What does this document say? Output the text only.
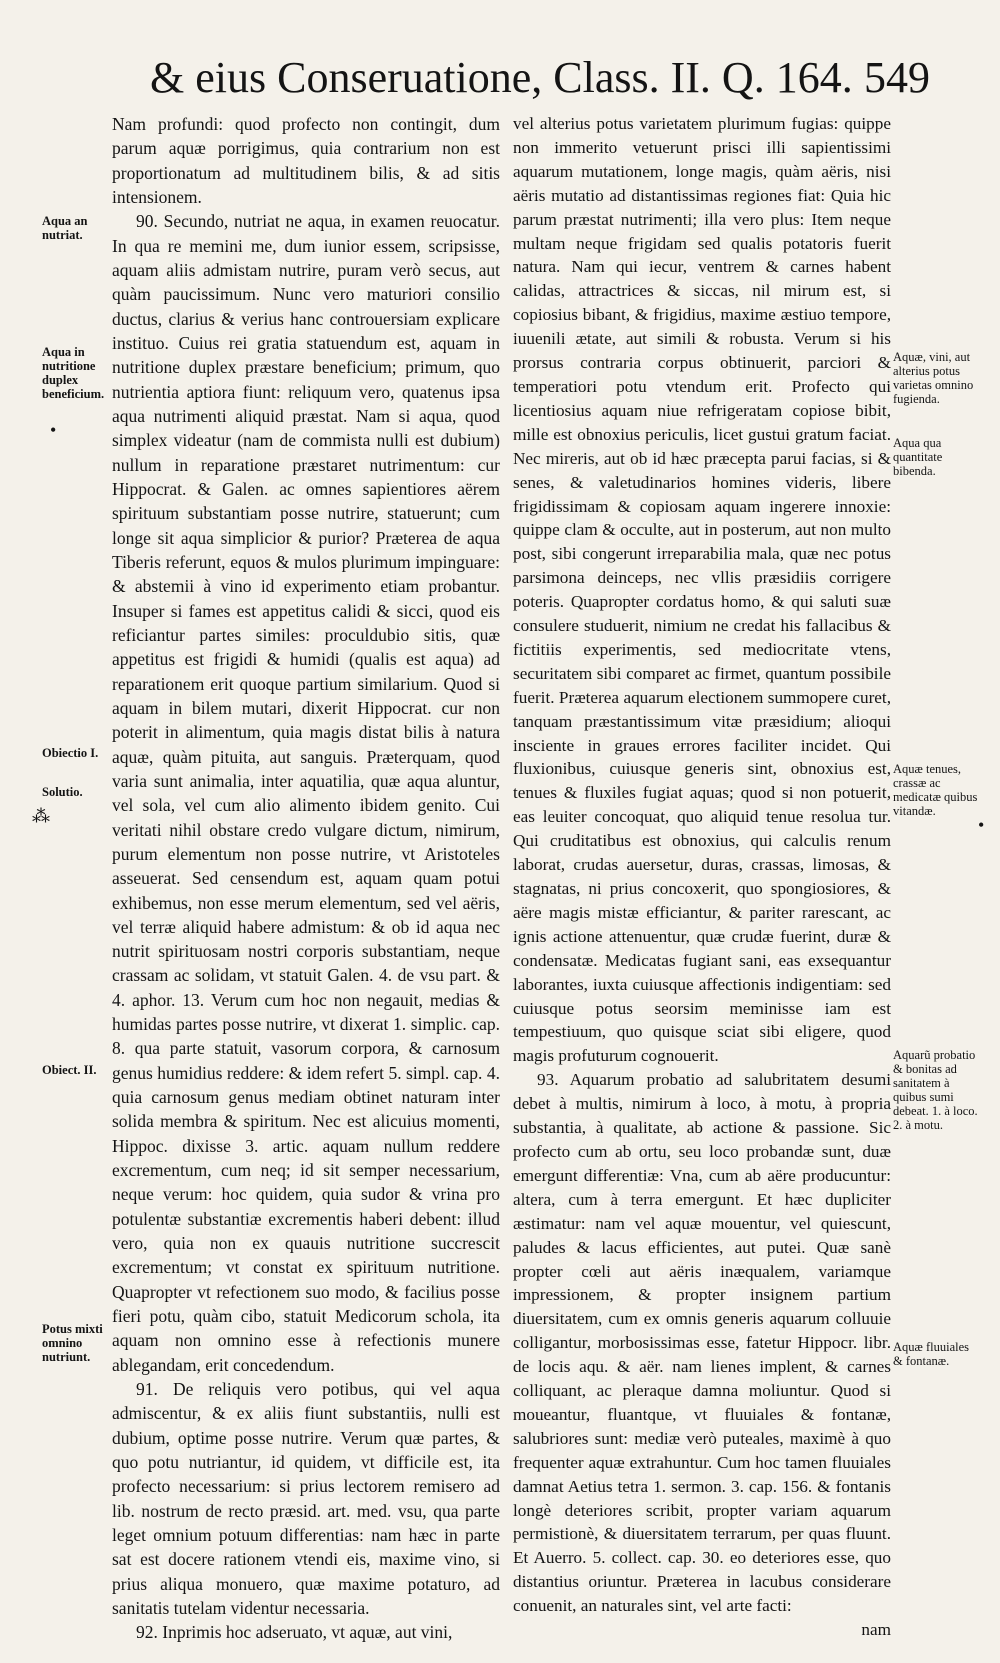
& eius Conseruatione, Class. II. Q. 164. 549
Aqua an nutriat.
Aqua in nutritione duplex beneficium.
•
Obiectio I.
Solutio.
⁂
Obiect. II.
Potus mixti omnino nutriunt.
Aquæ, vini, aut alterius potus varietas omnino fugienda.
Aqua qua quantitate bibenda.
Aquæ tenues, crassæ ac medicatæ quibus vitandæ.
•
Aquarũ probatio & bonitas ad sanitatem à quibus sumi debeat. 1. à loco. 2. à motu.
Aquæ fluuiales & fontanæ.

Nam profundi: quod profecto non contingit, dum parum aquæ porrigimus, quia contrarium non est proportionatum ad multitudinem bilis, & ad sitis intensionem.

90. Secundo, nutriat ne aqua, in examen reuocatur. In qua re memini me, dum iunior essem, scripsisse, aquam aliis admistam nutrire, puram verò secus, aut quàm paucissimum. Nunc vero maturiori consilio ductus, clarius & verius hanc controuersiam explicare instituo. Cuius rei gratia statuendum est, aquam in nutritione duplex præstare beneficium; primum, quo nutrientia aptiora fiunt: reliquum vero, quatenus ipsa aqua nutrimenti aliquid præstat. Nam si aqua, quod simplex videatur (nam de commista nulli est dubium) nullum in reparatione præstaret nutrimentum: cur Hippocrat. & Galen. ac omnes sapientiores aërem spirituum substantiam posse nutrire, statuerunt; cum longe sit aqua simplicior & purior? Præterea de aqua Tiberis referunt, equos & mulos plurimum impinguare: & abstemii à vino id experimento etiam probantur. Insuper si fames est appetitus calidi & sicci, quod eis reficiantur partes similes: proculdubio sitis, quæ appetitus est frigidi & humidi (qualis est aqua) ad reparationem erit quoque partium similarium. Quod si aquam in bilem mutari, dixerit Hippocrat. cur non poterit in alimentum, quia magis distat bilis à natura aquæ, quàm pituita, aut sanguis. Præterquam, quod varia sunt animalia, inter aquatilia, quæ aqua aluntur, vel sola, vel cum alio alimento ibidem genito. Cui veritati nihil obstare credo vulgare dictum, nimirum, purum elementum non posse nutrire, vt Aristoteles asseuerat. Sed censendum est, aquam quam potui exhibemus, non esse merum elementum, sed vel aëris, vel terræ aliquid habere admistum: & ob id aqua nec nutrit spirituosam nostri corporis substantiam, neque crassam ac solidam, vt statuit Galen. 4. de vsu part. & 4. aphor. 13. Verum cum hoc non negauit, medias & humidas partes posse nutrire, vt dixerat 1. simplic. cap. 8. qua parte statuit, vasorum corpora, & carnosum genus humidius reddere: & idem refert 5. simpl. cap. 4. quia carnosum genus mediam obtinet naturam inter solida membra & spiritum. Nec est alicuius momenti, Hippoc. dixisse 3. artic. aquam nullum reddere excrementum, cum neq; id sit semper necessarium, neque verum: hoc quidem, quia sudor & vrina pro potulentæ substantiæ excrementis haberi debent: illud vero, quia non ex quauis nutritione succrescit excrementum; vt constat ex spirituum nutritione. Quapropter vt refectionem suo modo, & facilius posse fieri potu, quàm cibo, statuit Medicorum schola, ita aquam non omnino esse à refectionis munere ablegandam, erit concedendum.

91. De reliquis vero potibus, qui vel aqua admiscentur, & ex aliis fiunt substantiis, nulli est dubium, optime posse nutrire. Verum quæ partes, & quo potu nutriantur, id quidem, vt difficile est, ita profecto necessarium: si prius lectorem remisero ad lib. nostrum de recto præsid. art. med. vsu, qua parte leget omnium potuum differentias: nam hæc in parte sat est docere rationem vtendi eis, maxime vino, si prius aliqua monuero, quæ maxime potaturo, ad sanitatis tutelam videntur necessaria.

92. Inprimis hoc adseruato, vt aquæ, aut vini,

vel alterius potus varietatem plurimum fugias: quippe non immerito vetuerunt prisci illi sapientissimi aquarum mutationem, longe magis, quàm aëris, nisi aëris mutatio ad distantissimas regiones fiat: Quia hic parum præstat nutrimenti; illa vero plus: Item neque multam neque frigidam sed qualis potatoris fuerit natura. Nam qui iecur, ventrem & carnes habent calidas, attractrices & siccas, nil mirum est, si copiosius bibant, & frigidius, maxime æstiuo tempore, iuuenili ætate, aut simili & robusta. Verum si his prorsus contraria corpus obtinuerit, parciori & temperatiori potu vtendum erit. Profecto qui licentiosius aquam niue refrigeratam copiose bibit, mille est obnoxius periculis, licet gustui gratum faciat. Nec mireris, aut ob id hæc præcepta parui facias, si & senes, & valetudinarios homines videris, libere frigidissimam & copiosam aquam ingerere innoxie: quippe clam & occulte, aut in posterum, aut non multo post, sibi congerunt irreparabilia mala, quæ nec potus parsimona deinceps, nec vllis præsidiis corrigere poteris. Quapropter cordatus homo, & qui saluti suæ consulere studuerit, nimium ne credat his fallacibus & fictitiis experimentis, sed mediocritate vtens, securitatem sibi comparet ac firmet, quantum possibile fuerit. Præterea aquarum electionem summopere curet, tanquam præstantissimum vitæ præsidium; alioqui insciente in graues errores faciliter incidet. Qui fluxionibus, cuiusque generis sint, obnoxius est, tenues & fluxiles fugiat aquas; quod si non potuerit, eas leuiter concoquat, quo aliquid tenue resolua tur. Qui cruditatibus est obnoxius, qui calculis renum laborat, crudas auersetur, duras, crassas, limosas, & stagnatas, ni prius concoxerit, quo spongiosiores, & aëre magis mistæ efficiantur, & pariter rarescant, ac ignis actione attenuentur, quæ crudæ fuerint, duræ & condensatæ. Medicatas fugiant sani, eas exsequantur laborantes, iuxta cuiusque affectionis indigentiam: sed cuiusque potus seorsim meminisse iam est tempestiuum, quo quisque sciat sibi eligere, quod magis profuturum cognouerit.

93. Aquarum probatio ad salubritatem desumi debet à multis, nimirum à loco, à motu, à propria substantia, à qualitate, ab actione & passione. Sic profecto cum ab ortu, seu loco probandæ sunt, duæ emergunt differentiæ: Vna, cum ab aëre producuntur: altera, cum à terra emergunt. Et hæc dupliciter æstimatur: nam vel aquæ mouentur, vel quiescunt, paludes & lacus efficientes, aut putei. Quæ sanè propter cœli aut aëris inæqualem, variamque impressionem, & propter insignem partium diuersitatem, cum ex omnis generis aquarum colluuie colligantur, morbosissimas esse, fatetur Hippocr. libr. de locis aqu. & aër. nam lienes implent, & carnes colliquant, ac pleraque damna moliuntur. Quod si moueantur, fluantque, vt fluuiales & fontanæ, salubriores sunt: mediæ verò puteales, maximè à quo frequenter aquæ extrahuntur. Cum hoc tamen fluuiales damnat Aetius tetra 1. sermon. 3. cap. 156. & fontanis longè deteriores scribit, propter variam aquarum permistionè, & diuersitatem terrarum, per quas fluunt. Et Auerro. 5. collect. cap. 30. eo deteriores esse, quo distantius oriuntur. Præterea in lacubus considerare conuenit, an naturales sint, vel arte facti:

nam
